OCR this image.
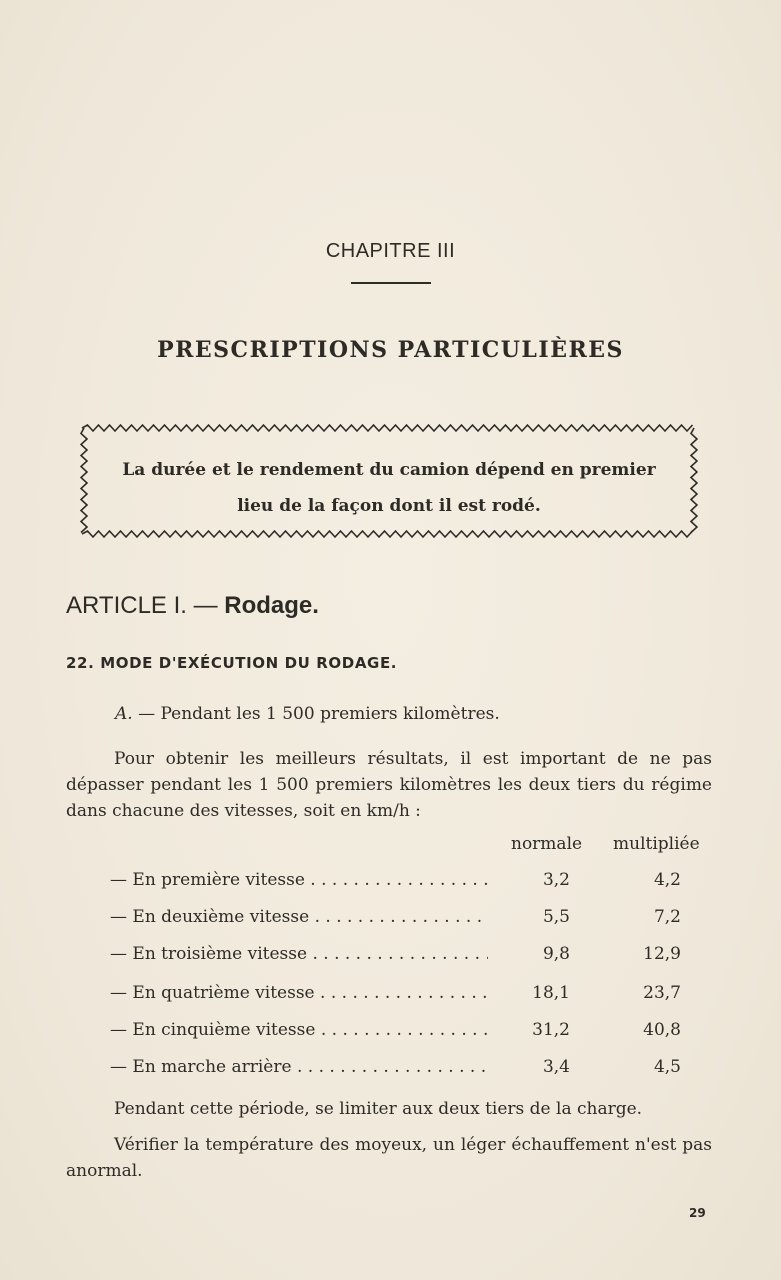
CHAPITRE III
PRESCRIPTIONS PARTICULIÈRES
La durée et le rendement du camion dépend en premier
lieu de la façon dont il est rodé.
ARTICLE I. — Rodage.
22. MODE D'EXÉCUTION DU RODAGE.
A. — Pendant les 1 500 premiers kilomètres.
Pour obtenir les meilleurs résultats, il est important de ne pas dépasser pendant les 1 500 premiers kilomètres les deux tiers du régime dans chacune des vitesses, soit en km/h :
normale multipliée
— En première vitesse . . .	3,2	4,2
— En deuxième vitesse . . .	5,5	7,2
— En troisième vitesse . . .	9,8	12,9
— En quatrième vitesse . . .	18,1	23,7
— En cinquième vitesse . . .	31,2	40,8
— En marche arrière . . .	3,4	4,5
Pendant cette période, se limiter aux deux tiers de la charge.
Vérifier la température des moyeux, un léger échauffement n'est pas anormal.
29
